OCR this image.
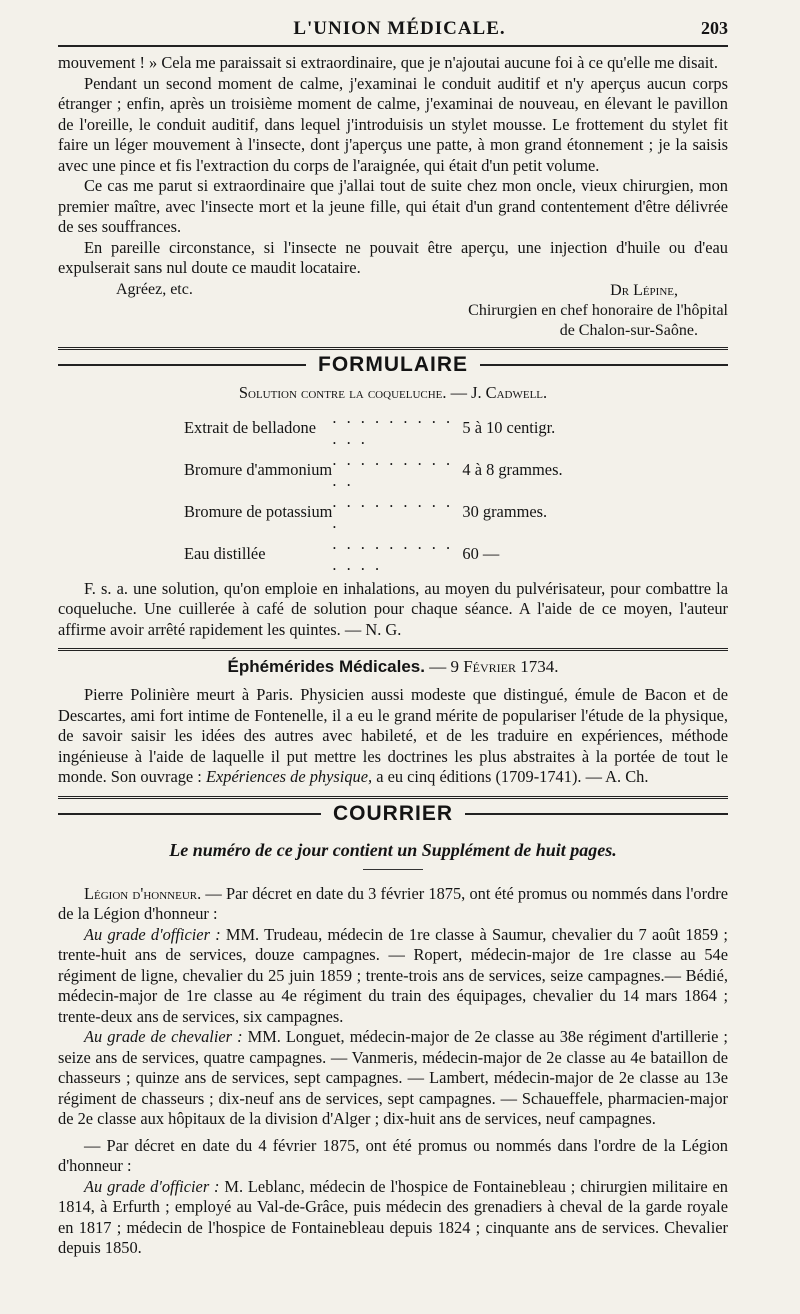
L'UNION MÉDICALE.	203

mouvement ! » Cela me paraissait si extraordinaire, que je n'ajoutai aucune foi à ce qu'elle me disait.

Pendant un second moment de calme, j'examinai le conduit auditif et n'y aperçus aucun corps étranger ; enfin, après un troisième moment de calme, j'examinai de nouveau, en élevant le pavillon de l'oreille, le conduit auditif, dans lequel j'introduisis un stylet mousse. Le frottement du stylet fit faire un léger mouvement à l'insecte, dont j'aperçus une patte, à mon grand étonnement ; je la saisis avec une pince et fis l'extraction du corps de l'araignée, qui était d'un petit volume.

Ce cas me parut si extraordinaire que j'allai tout de suite chez mon oncle, vieux chirurgien, mon premier maître, avec l'insecte mort et la jeune fille, qui était d'un grand contentement d'être délivrée de ses souffrances.

En pareille circonstance, si l'insecte ne pouvait être aperçu, une injection d'huile ou d'eau expulserait sans nul doute ce maudit locataire.

Agréez, etc.	Dr Lépine,
Chirurgien en chef honoraire de l'hôpital
de Chalon-sur-Saône.
FORMULAIRE
Solution contre la coqueluche. — J. Cadwell.
Extrait de belladone	. . . . . . . . . . . .	5 à 10 centigr.
Bromure d'ammonium	. . . . . . . . . . .	4 à 8 grammes.
Bromure de potassium	. . . . . . . . . .	30 grammes.
Eau distillée	. . . . . . . . . . . . .	60 —

F. s. a. une solution, qu'on emploie en inhalations, au moyen du pulvérisateur, pour combattre la coqueluche. Une cuillerée à café de solution pour chaque séance. A l'aide de ce moyen, l'auteur affirme avoir arrêté rapidement les quintes. — N. G.

Éphémérides Médicales. — 9 Février 1734.

Pierre Polinière meurt à Paris. Physicien aussi modeste que distingué, émule de Bacon et de Descartes, ami fort intime de Fontenelle, il a eu le grand mérite de populariser l'étude de la physique, de savoir saisir les idées des autres avec habileté, et de les traduire en expériences, méthode ingénieuse à l'aide de laquelle il put mettre les doctrines les plus abstraites à la portée de tout le monde. Son ouvrage : Expériences de physique, a eu cinq éditions (1709-1741). — A. Ch.

COURRIER
Le numéro de ce jour contient un Supplément de huit pages.

Légion d'honneur. — Par décret en date du 3 février 1875, ont été promus ou nommés dans l'ordre de la Légion d'honneur :

Au grade d'officier : MM. Trudeau, médecin de 1re classe à Saumur, chevalier du 7 août 1859 ; trente-huit ans de services, douze campagnes. — Ropert, médecin-major de 1re classe au 54e régiment de ligne, chevalier du 25 juin 1859 ; trente-trois ans de services, seize campagnes.— Bédié, médecin-major de 1re classe au 4e régiment du train des équipages, chevalier du 14 mars 1864 ; trente-deux ans de services, six campagnes.

Au grade de chevalier : MM. Longuet, médecin-major de 2e classe au 38e régiment d'artillerie ; seize ans de services, quatre campagnes. — Vanmeris, médecin-major de 2e classe au 4e bataillon de chasseurs ; quinze ans de services, sept campagnes. — Lambert, médecin-major de 2e classe au 13e régiment de chasseurs ; dix-neuf ans de services, sept campagnes. — Schaueffele, pharmacien-major de 2e classe aux hôpitaux de la division d'Alger ; dix-huit ans de services, neuf campagnes.

— Par décret en date du 4 février 1875, ont été promus ou nommés dans l'ordre de la Légion d'honneur :

Au grade d'officier : M. Leblanc, médecin de l'hospice de Fontainebleau ; chirurgien militaire en 1814, à Erfurth ; employé au Val-de-Grâce, puis médecin des grenadiers à cheval de la garde royale en 1817 ; médecin de l'hospice de Fontainebleau depuis 1824 ; cinquante ans de services. Chevalier depuis 1850.
